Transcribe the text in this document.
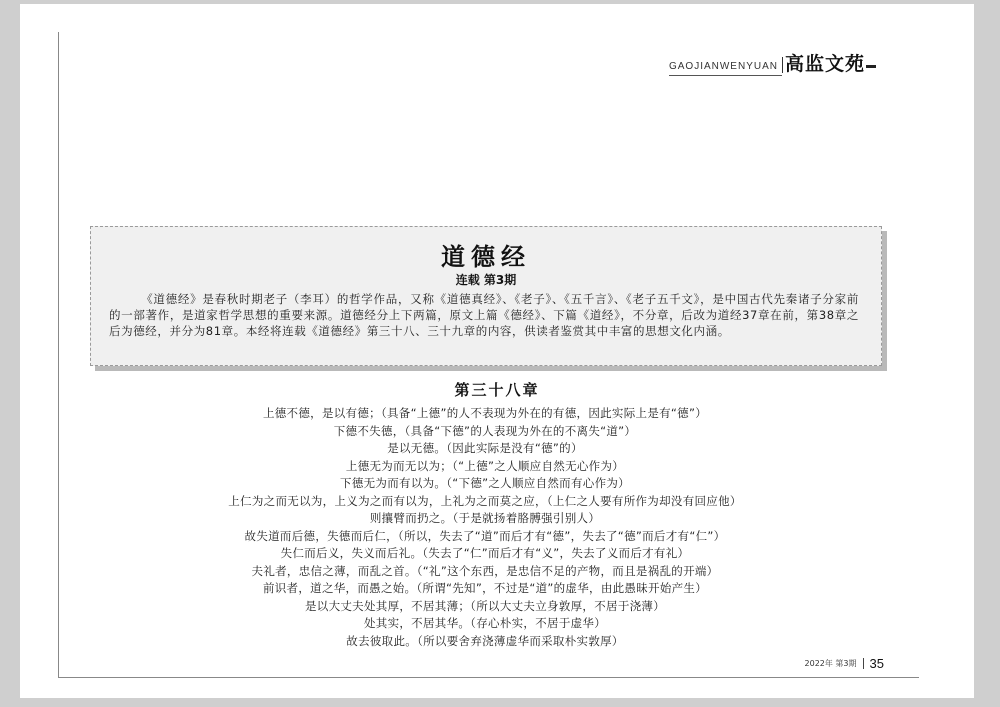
GAOJIANWENYUAN 高监文苑
道德经
连载 第3期
《道德经》是春秋时期老子（李耳）的哲学作品，又称《道德真经》、《老子》、《五千言》、《老子五千文》，是中国古代先秦诸子分家前的一部著作，是道家哲学思想的重要来源。道德经分上下两篇，原文上篇《德经》、下篇《道经》，不分章，后改为道经37章在前，第38章之后为德经，并分为81章。本经将连载《道德经》第三十八、三十九章的内容，供读者鉴赏其中丰富的思想文化内涵。
第三十八章
上德不德，是以有德；（具备“上德”的人不表现为外在的有德，因此实际上是有“德”）
下德不失德，（具备“下德”的人表现为外在的不离失“道”）
是以无德。（因此实际是没有“德”的）
上德无为而无以为；（“上德”之人顺应自然无心作为）
下德无为而有以为。（“下德”之人顺应自然而有心作为）
上仁为之而无以为，上义为之而有以为，上礼为之而莫之应，（上仁之人要有所作为却没有回应他）
则攘臂而扔之。（于是就扬着胳膊强引别人）
故失道而后德，失德而后仁，（所以，失去了“道”而后才有“德”，失去了“德”而后才有“仁”）
失仁而后义，失义而后礼。（失去了“仁”而后才有“义”，失去了义而后才有礼）
夫礼者，忠信之薄，而乱之首。（“礼”这个东西，是忠信不足的产物，而且是祸乱的开端）
前识者，道之华，而愚之始。（所谓“先知”，不过是“道”的虚华，由此愚昧开始产生）
是以大丈夫处其厚，不居其薄；（所以大丈夫立身敦厚，不居于浇薄）
处其实，不居其华。（存心朴实，不居于虚华）
故去彼取此。（所以要舍弃浇薄虚华而采取朴实敦厚）
2022年 第3期 35
